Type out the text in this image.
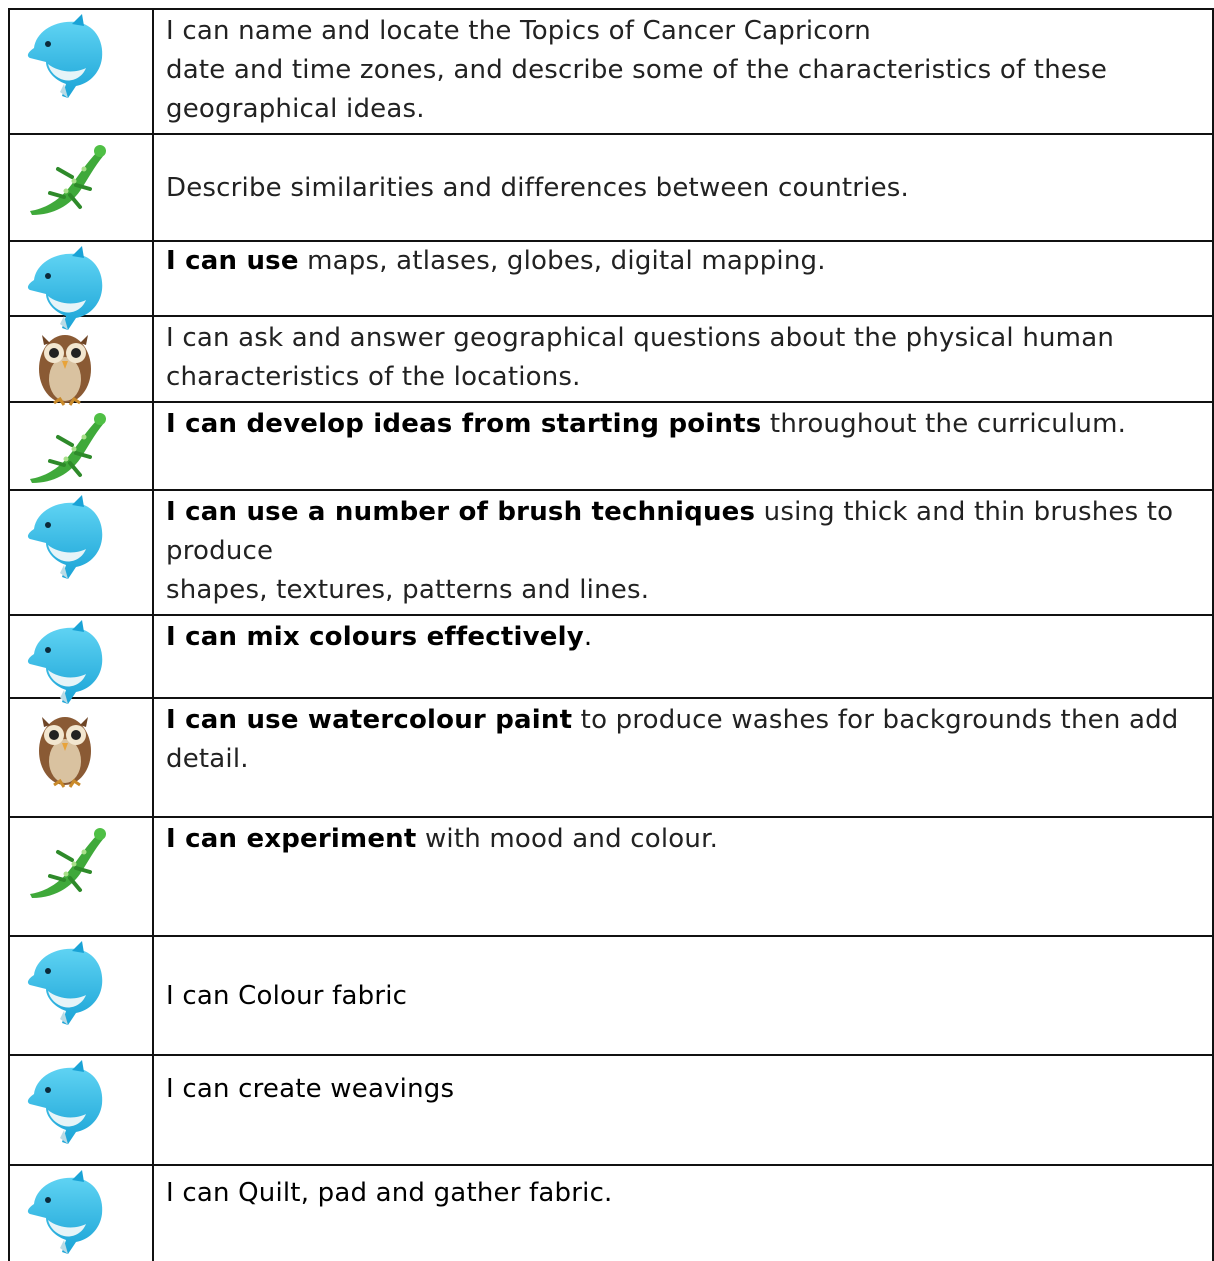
I can name and locate the Topics of Cancer Capricorn
date and time zones, and describe some of the characteristics of these
geographical ideas.

Describe similarities and differences between countries.

I can use maps, atlases, globes, digital mapping.

I can ask and answer geographical questions about the physical human
characteristics of the locations.

I can develop ideas from starting points throughout the curriculum.

I can use a number of brush techniques using thick and thin brushes to produce
shapes, textures, patterns and lines.

I can mix colours effectively.

I can use watercolour paint to produce washes for backgrounds then add
detail.

I can experiment with mood and colour.

I can Colour fabric

I can create weavings

I can Quilt, pad and gather fabric.
